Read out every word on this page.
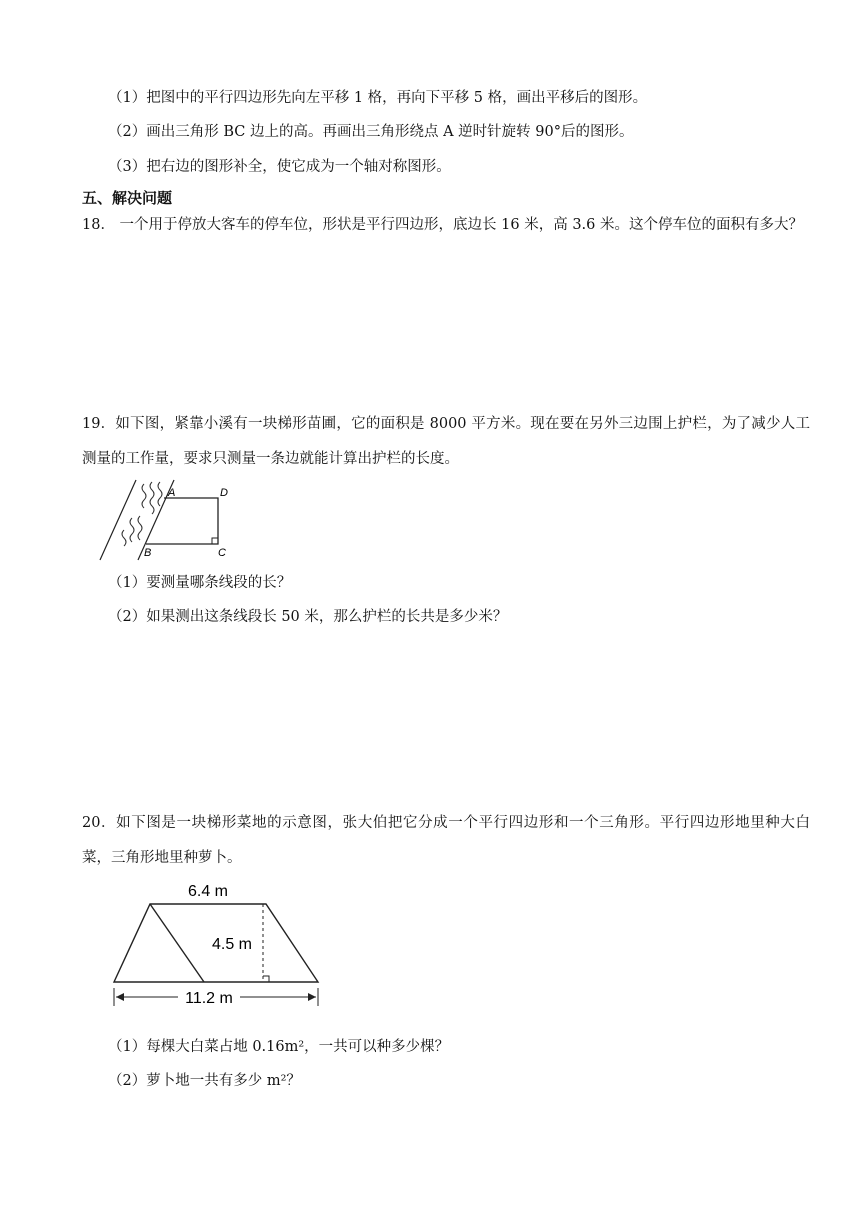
（1）把图中的平行四边形先向左平移 1 格，再向下平移 5 格，画出平移后的图形。
（2）画出三角形 BC 边上的高。再画出三角形绕点 A 逆时针旋转 90°后的图形。
（3）把右边的图形补全，使它成为一个轴对称图形。
五、解决问题
18． 一个用于停放大客车的停车位，形状是平行四边形，底边长 16 米，高 3.6 米。这个停车位的面积有多大？
19．如下图，紧靠小溪有一块梯形苗圃，它的面积是 8000 平方米。现在要在另外三边围上护栏，为了减少人工测量的工作量，要求只测量一条边就能计算出护栏的长度。
A	D
B	C
（1）要测量哪条线段的长？
（2）如果测出这条线段长 50 米，那么护栏的长共是多少米？
20．如下图是一块梯形菜地的示意图，张大伯把它分成一个平行四边形和一个三角形。平行四边形地里种大白菜，三角形地里种萝卜。
6.4 m
4.5 m
11.2 m
（1）每棵大白菜占地 0.16m²，一共可以种多少棵？
（2）萝卜地一共有多少 m²？
